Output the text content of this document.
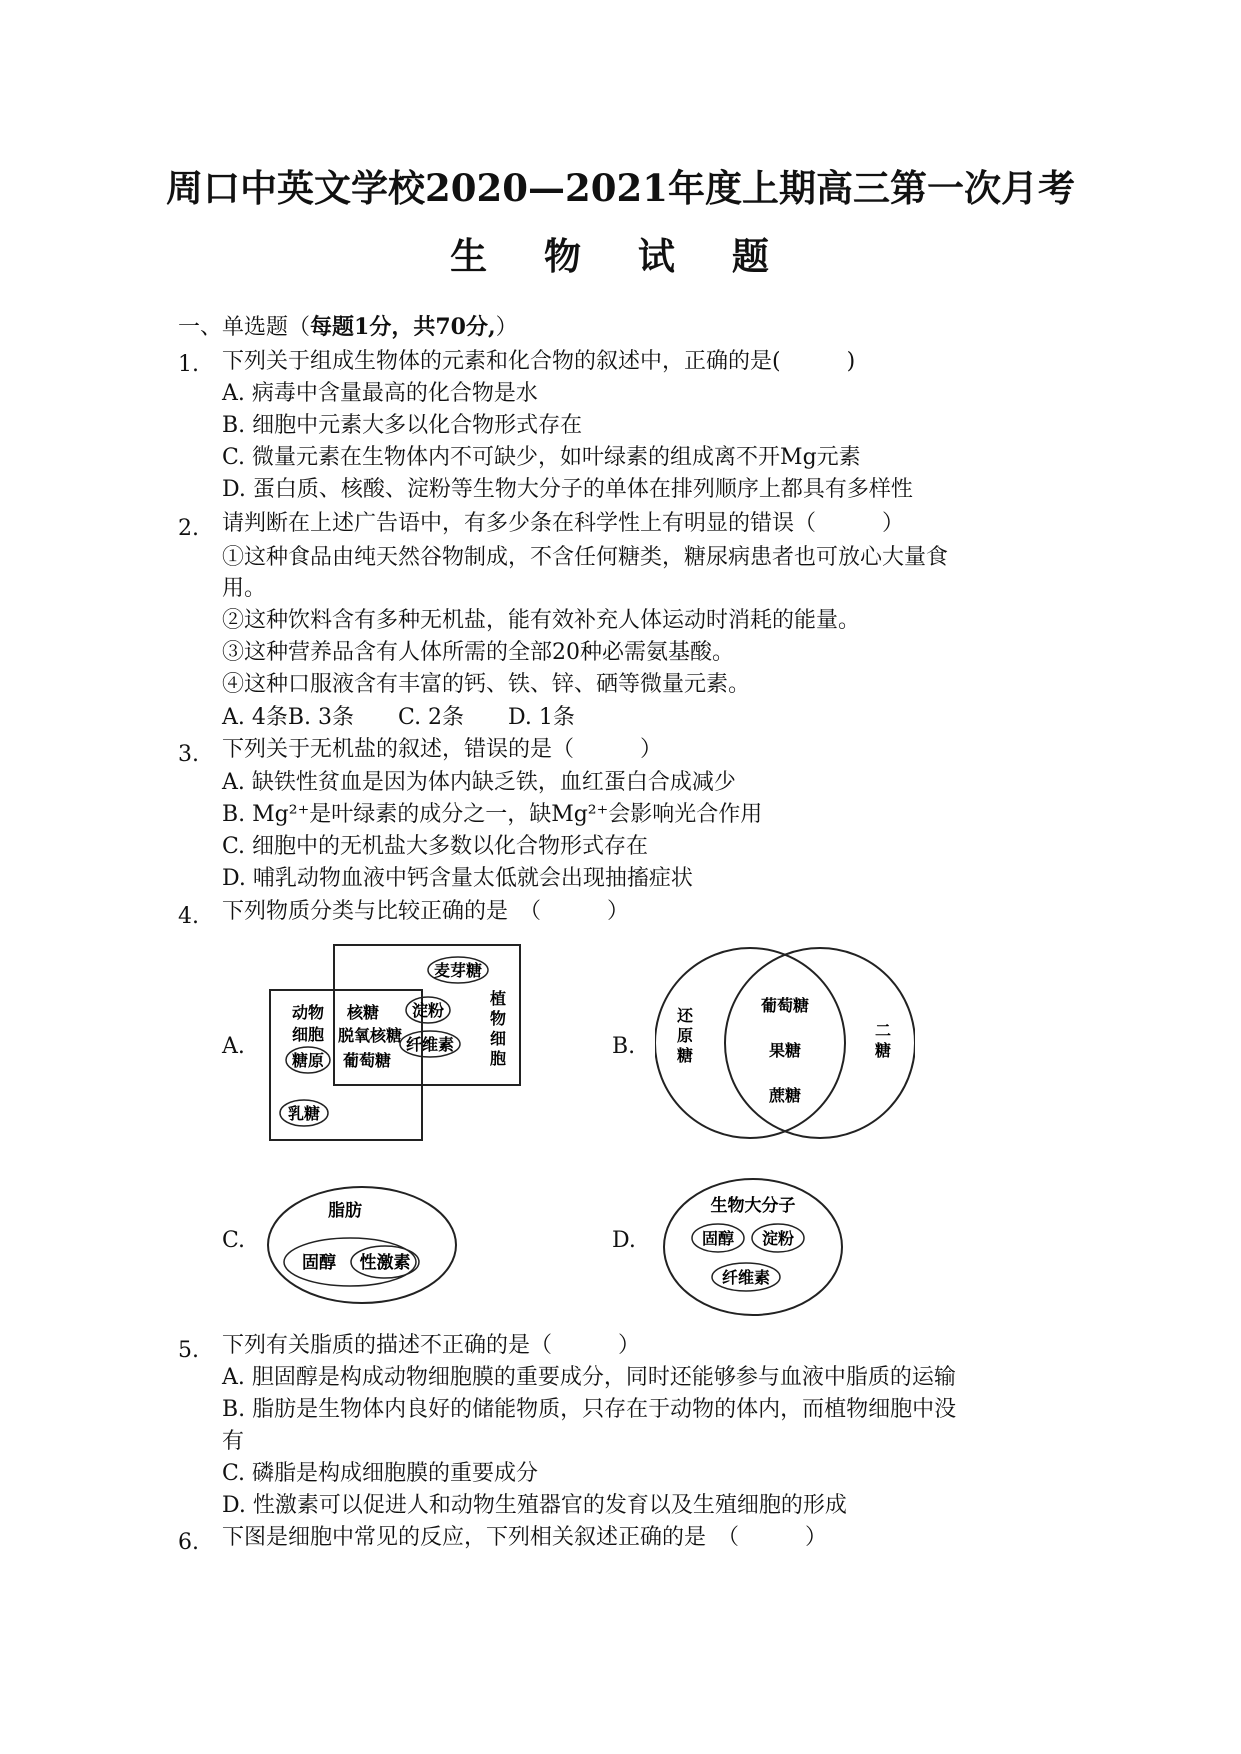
周口中英文学校2020—2021年度上期高三第一次月考
生 物 试 题
一、单选题（每题1分，共70分,）
1. 下列关于组成生物体的元素和化合物的叙述中，正确的是(　　　)
A. 病毒中含量最高的化合物是水
B. 细胞中元素大多以化合物形式存在
C. 微量元素在生物体内不可缺少，如叶绿素的组成离不开Mg元素
D. 蛋白质、核酸、淀粉等生物大分子的单体在排列顺序上都具有多样性
2. 请判断在上述广告语中，有多少条在科学性上有明显的错误（　　　）
①这种食品由纯天然谷物制成，不含任何糖类，糖尿病患者也可放心大量食
用。
②这种饮料含有多种无机盐，能有效补充人体运动时消耗的能量。
③这种营养品含有人体所需的全部20种必需氨基酸。
④这种口服液含有丰富的钙、铁、锌、硒等微量元素。
A. 4条B. 3条　　C. 2条　　D. 1条
3. 下列关于无机盐的叙述，错误的是（　　　）
A. 缺铁性贫血是因为体内缺乏铁，血红蛋白合成减少
B. Mg²⁺是叶绿素的成分之一，缺Mg²⁺会影响光合作用
C. 细胞中的无机盐大多数以化合物形式存在
D. 哺乳动物血液中钙含量太低就会出现抽搐症状
4. 下列物质分类与比较正确的是　（　　　）
A.	B.
C.	D.
动物
细胞
糖原
核糖
脱氧核糖
葡萄糖
乳糖
麦芽糖
淀粉
纤维素
植
物
细
胞
还
原
糖
二
糖
葡萄糖
果糖
蔗糖
脂肪
固醇 性激素
生物大分子
固醇 淀粉
纤维素
5. 下列有关脂质的描述不正确的是（　　　）
A. 胆固醇是构成动物细胞膜的重要成分，同时还能够参与血液中脂质的运输
B. 脂肪是生物体内良好的储能物质，只存在于动物的体内，而植物细胞中没
有
C. 磷脂是构成细胞膜的重要成分
D. 性激素可以促进人和动物生殖器官的发育以及生殖细胞的形成
6. 下图是细胞中常见的反应，下列相关叙述正确的是　（　　　）
